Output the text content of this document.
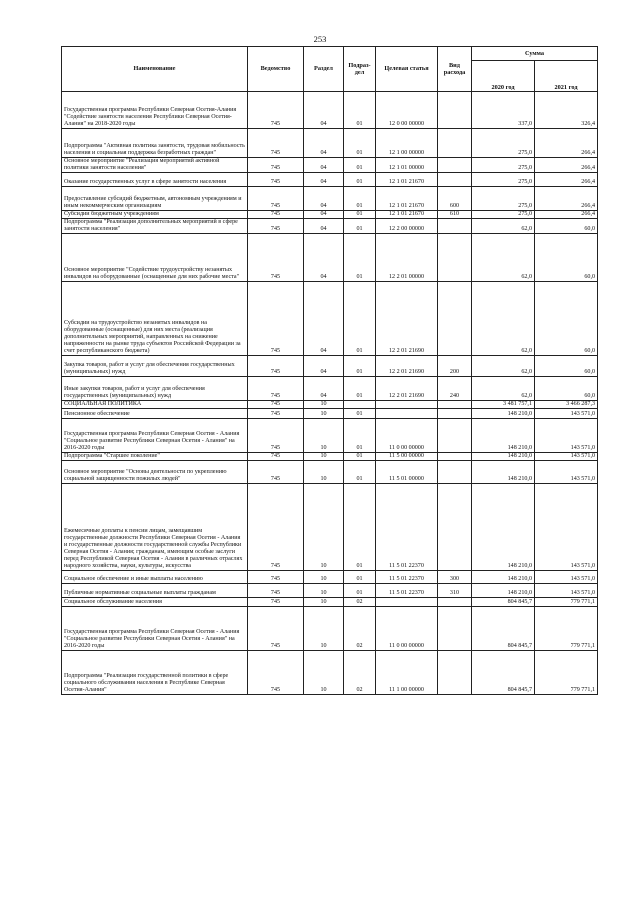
253
Наименование	Ведомство	Раздел	Подраз-дел	Целевая статья	Вид расхода	Сумма	
						2020 год	2021 год
Государственная программа Республики Северная Осетия-Алания "Содействие занятости населения Республики Северная Осетия-Алания" на 2018-2020 годы	745	04	01	12 0 00 00000		337,0	326,4
Подпрограмма "Активная политика занятости, трудовая мобильность населения и социальная поддержка безработных граждан"	745	04	01	12 1 00 00000		275,0	266,4
Основное мероприятие "Реализация мероприятий активной политики занятости населения"	745	04	01	12 1 01 00000		275,0	266,4
Оказание государственных услуг в сфере занятости населения	745	04	01	12 1 01 21670		275,0	266,4
Предоставление субсидий бюджетным, автономным учреждениям и иным некоммерческим организациям	745	04	01	12 1 01 21670	600	275,0	266,4
Субсидии бюджетным учреждениям	745	04	01	12 1 01 21670	610	275,0	266,4
Подпрограмма "Реализация дополнительных мероприятий в сфере занятости населения"	745	04	01	12 2 00 00000		62,0	60,0
Основное мероприятие "Содействие трудоустройству незанятых инвалидов на оборудованные (оснащенные для них рабочие места"	745	04	01	12 2 01 00000		62,0	60,0
Субсидии на трудоустройство незанятых инвалидов на оборудованные (оснащенные) для них места (реализация дополнительных мероприятий, направленных на снижение напряженности на рынке труда субъектов Российской Федерации за счет республиканского бюджета)	745	04	01	12 2 01 21690		62,0	60,0
Закупка товаров, работ и услуг для обеспечения государственных (муниципальных) нужд	745	04	01	12 2 01 21690	200	62,0	60,0
Иные закупки товаров, работ и услуг для обеспечения государственных (муниципальных) нужд	745	04	01	12 2 01 21690	240	62,0	60,0
СОЦИАЛЬНАЯ ПОЛИТИКА	745	10				3 481 757,1	3 466 287,3
Пенсионное обеспечение	745	10	01			148 210,0	143 571,0
Государственная программа Республики Северная Осетия - Алания "Социальное развитие Республики Северная Осетия - Алания" на 2016-2020 годы	745	10	01	11 0 00 00000		148 210,0	143 571,0
Подпрограмма "Старшее поколение"	745	10	01	11 5 00 00000		148 210,0	143 571,0
Основное мероприятие "Основы деятельности по укреплению социальной защищенности пожилых людей"	745	10	01	11 5 01 00000		148 210,0	143 571,0
Ежемесячные доплаты к пенсии лицам, замещавшим государственные должности Республики Северная Осетия - Алания и государственные должности государственной службы Республики Северная Осетия - Алания; гражданам, имеющим особые заслуги перед Республикой Северная Осетия - Алания в различных отраслях народного хозяйства, науки, культуры, искусства	745	10	01	11 5 01 22370		148 210,0	143 571,0
Социальное обеспечение и иные выплаты населению	745	10	01	11 5 01 22370	300	148 210,0	143 571,0
Публичные нормативные социальные выплаты гражданам	745	10	01	11 5 01 22370	310	148 210,0	143 571,0
Социальное обслуживание населения	745	10	02			804 845,7	779 771,1
Государственная программа Республики Северная Осетия - Алания "Социальное развитие Республики Северная Осетия - Алания" на 2016-2020 годы	745	10	02	11 0 00 00000		804 845,7	779 771,1
Подпрограмма "Реализация государственной политики в сфере социального обслуживания населения в Республике Северная Осетия-Алания"	745	10	02	11 1 00 00000		804 845,7	779 771,1
